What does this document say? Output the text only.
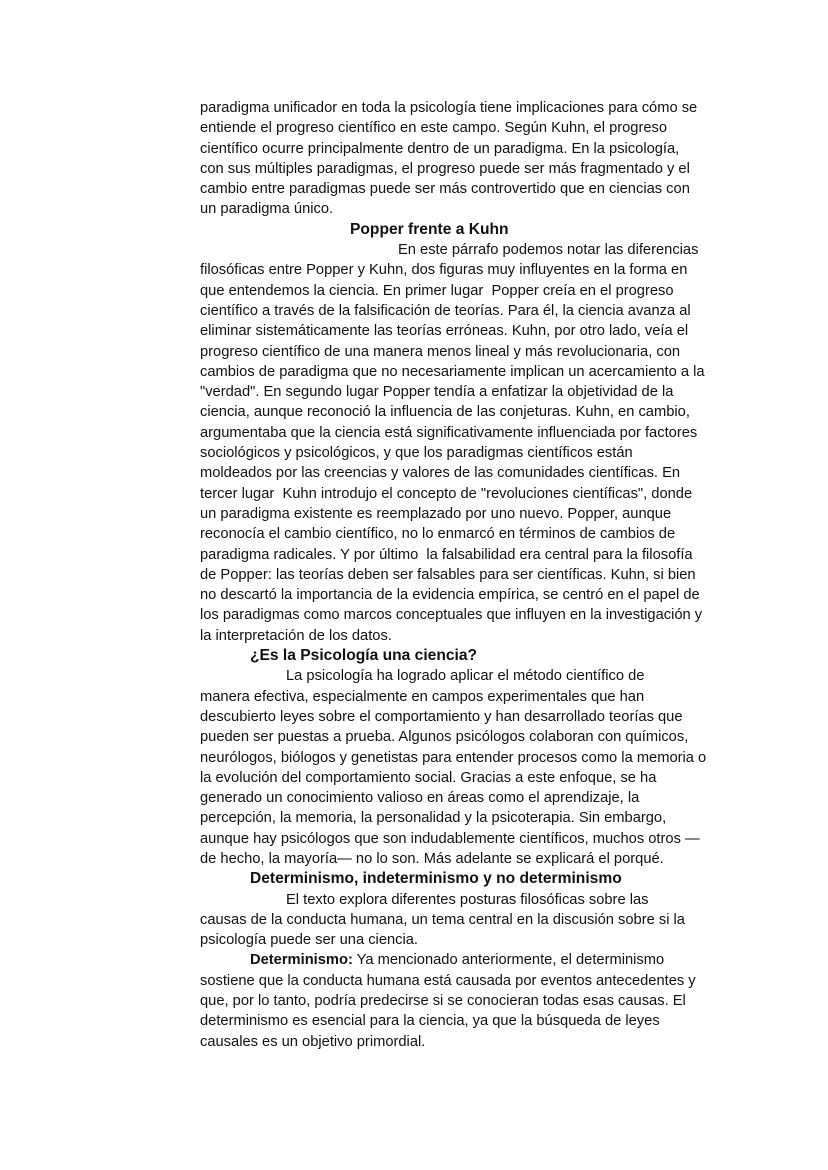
paradigma unificador en toda la psicología tiene implicaciones para cómo se
entiende el progreso científico en este campo. Según Kuhn, el progreso
científico ocurre principalmente dentro de un paradigma. En la psicología,
con sus múltiples paradigmas, el progreso puede ser más fragmentado y el
cambio entre paradigmas puede ser más controvertido que en ciencias con
un paradigma único.
Popper frente a Kuhn
En este párrafo podemos notar las diferencias
filosóficas entre Popper y Kuhn, dos figuras muy influyentes en la forma en
que entendemos la ciencia. En primer lugar  Popper creía en el progreso
científico a través de la falsificación de teorías. Para él, la ciencia avanza al
eliminar sistemáticamente las teorías erróneas. Kuhn, por otro lado, veía el
progreso científico de una manera menos lineal y más revolucionaria, con
cambios de paradigma que no necesariamente implican un acercamiento a la
"verdad". En segundo lugar Popper tendía a enfatizar la objetividad de la
ciencia, aunque reconoció la influencia de las conjeturas. Kuhn, en cambio,
argumentaba que la ciencia está significativamente influenciada por factores
sociológicos y psicológicos, y que los paradigmas científicos están
moldeados por las creencias y valores de las comunidades científicas. En
tercer lugar  Kuhn introdujo el concepto de "revoluciones científicas", donde
un paradigma existente es reemplazado por uno nuevo. Popper, aunque
reconocía el cambio científico, no lo enmarcó en términos de cambios de
paradigma radicales. Y por último  la falsabilidad era central para la filosofía
de Popper: las teorías deben ser falsables para ser científicas. Kuhn, si bien
no descartó la importancia de la evidencia empírica, se centró en el papel de
los paradigmas como marcos conceptuales que influyen en la investigación y
la interpretación de los datos.
¿Es la Psicología una ciencia?
La psicología ha logrado aplicar el método científico de
manera efectiva, especialmente en campos experimentales que han
descubierto leyes sobre el comportamiento y han desarrollado teorías que
pueden ser puestas a prueba. Algunos psicólogos colaboran con químicos,
neurólogos, biólogos y genetistas para entender procesos como la memoria o
la evolución del comportamiento social. Gracias a este enfoque, se ha
generado un conocimiento valioso en áreas como el aprendizaje, la
percepción, la memoria, la personalidad y la psicoterapia. Sin embargo,
aunque hay psicólogos que son indudablemente científicos, muchos otros —
de hecho, la mayoría— no lo son. Más adelante se explicará el porqué.
Determinismo, indeterminismo y no determinismo
El texto explora diferentes posturas filosóficas sobre las
causas de la conducta humana, un tema central en la discusión sobre si la
psicología puede ser una ciencia.
Determinismo: Ya mencionado anteriormente, el determinismo
sostiene que la conducta humana está causada por eventos antecedentes y
que, por lo tanto, podría predecirse si se conocieran todas esas causas. El
determinismo es esencial para la ciencia, ya que la búsqueda de leyes
causales es un objetivo primordial.
